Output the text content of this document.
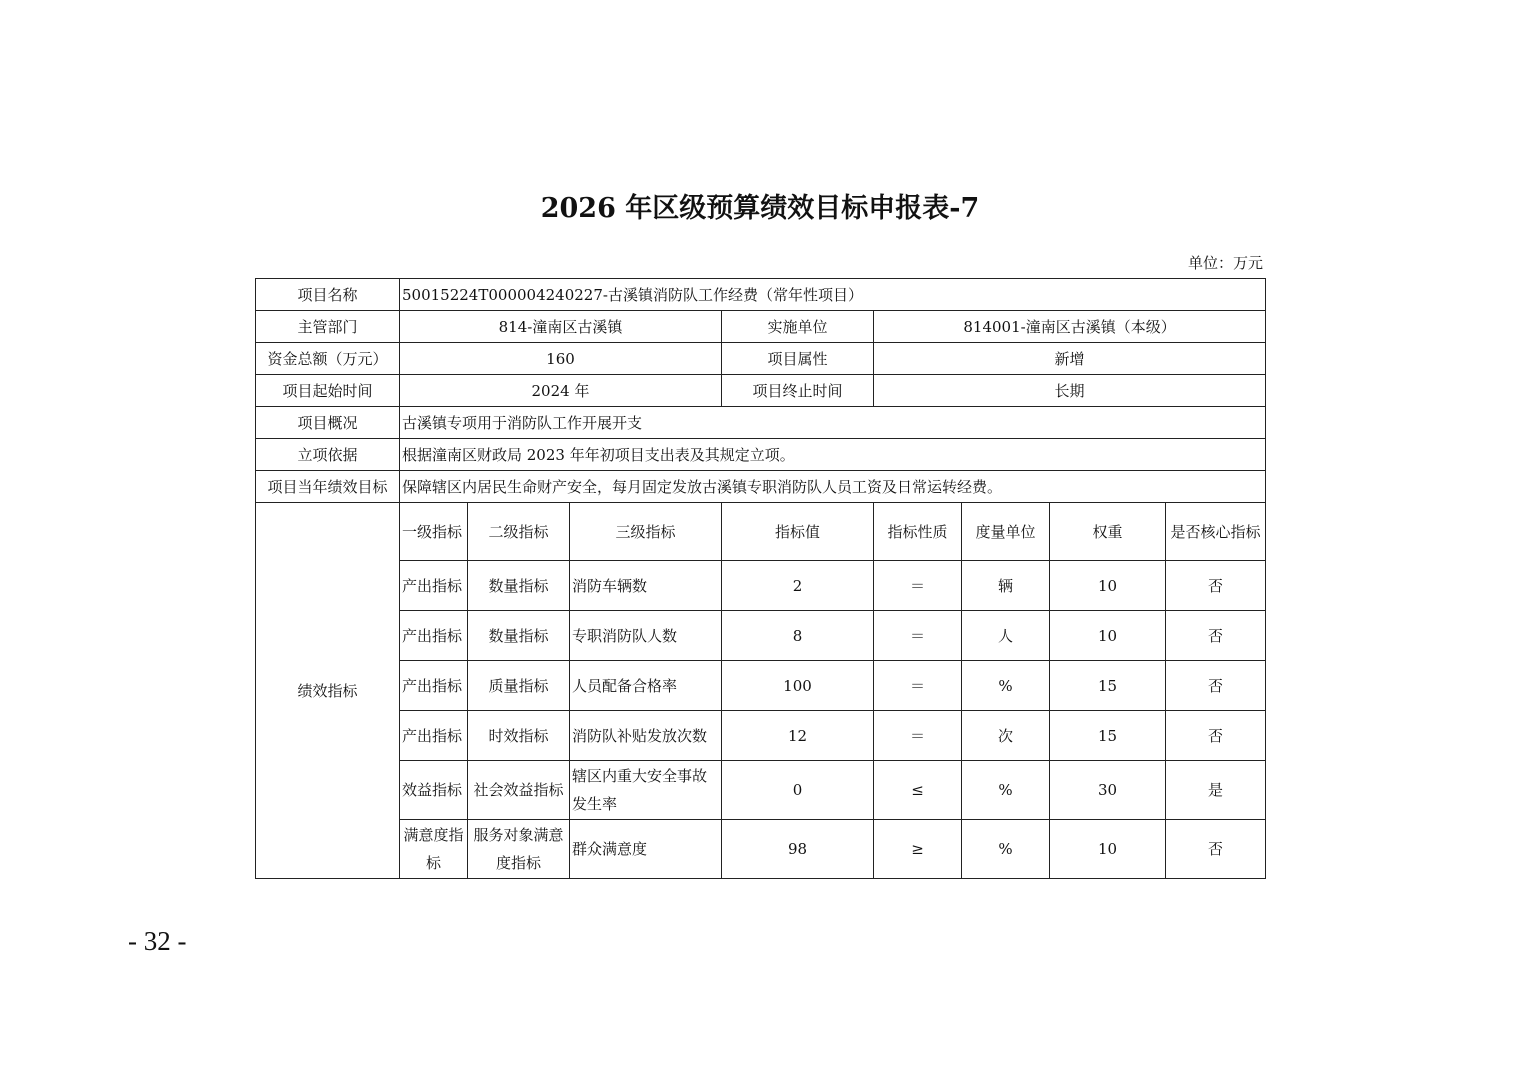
2026 年区级预算绩效目标申报表-7
单位：万元
项目名称	50015224T000004240227-古溪镇消防队工作经费（常年性项目）							
主管部门	814-潼南区古溪镇			实施单位	814001-潼南区古溪镇（本级）			
资金总额（万元）	160			项目属性	新增			
项目起始时间	2024 年			项目终止时间	长期			
项目概况	古溪镇专项用于消防队工作开展开支							
立项依据	根据潼南区财政局 2023 年年初项目支出表及其规定立项。							
项目当年绩效目标	保障辖区内居民生命财产安全，每月固定发放古溪镇专职消防队人员工资及日常运转经费。							
绩效指标	一级指标	二级指标	三级指标	指标值	指标性质	度量单位	权重	是否核心指标
	产出指标	数量指标	消防车辆数	2	＝	辆	10	否
	产出指标	数量指标	专职消防队人数	8	＝	人	10	否
	产出指标	质量指标	人员配备合格率	100	＝	%	15	否
	产出指标	时效指标	消防队补贴发放次数	12	＝	次	15	否
	效益指标	社会效益指标	辖区内重大安全事故发生率	0	≤	%	30	是
	满意度指标	服务对象满意度指标	群众满意度	98	≥	%	10	否
- 32 -
